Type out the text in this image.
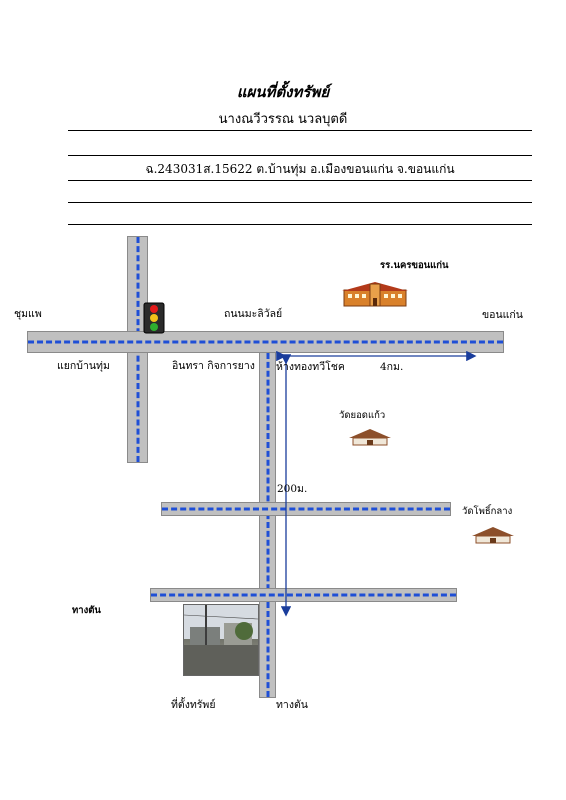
แผนที่ตั้งทรัพย์
นางณวีวรรณ นวลบุตดี
ฉ.243031ส.15622 ต.บ้านทุ่ม อ.เมืองขอนแก่น จ.ขอนแก่น
ชุมแพ	ขอนแก่น
ถนนมะลิวัลย์
แยกบ้านทุ่ม	อินทรา กิจการยาง ห้างทองทวีโชค
รร.นครขอนแก่น
วัดยอดแก้ว
วัดโพธิ์กลาง
4กม.
200ม.
ทางตัน
ทางตัน
ที่ตั้งทรัพย์
